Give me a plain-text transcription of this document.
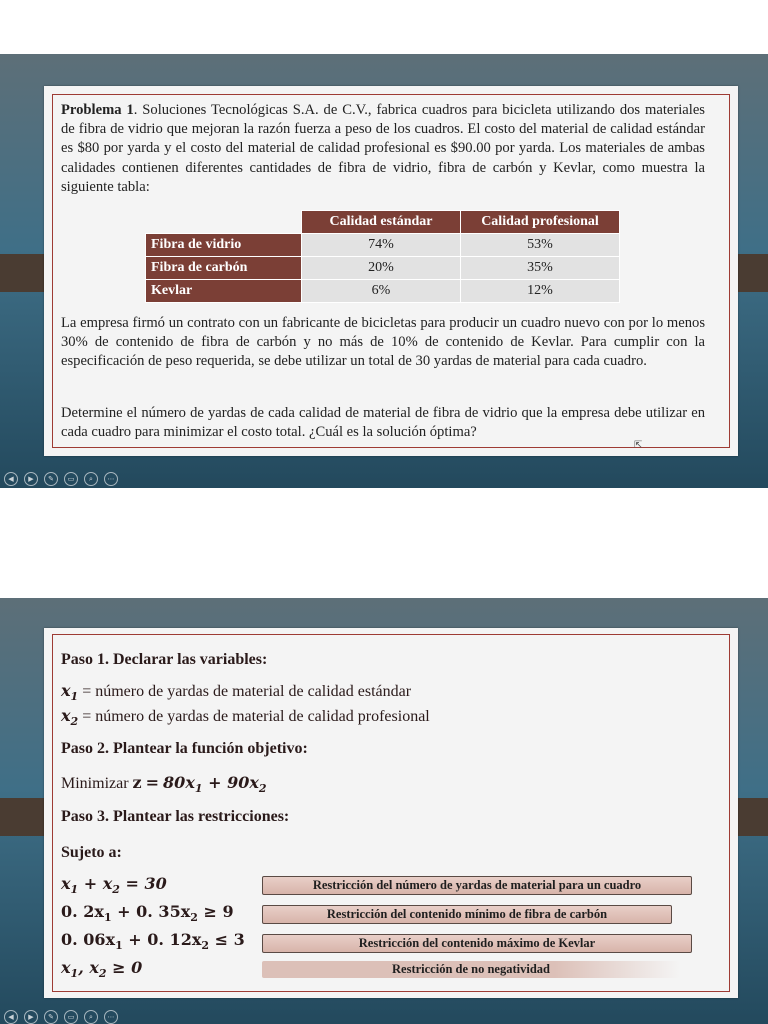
Problema 1. Soluciones Tecnológicas S.A. de C.V., fabrica cuadros para bicicleta utilizando dos materiales de fibra de vidrio que mejoran la razón fuerza a peso de los cuadros. El costo del material de calidad estándar es $80 por yarda y el costo del material de calidad profesional es $90.00 por yarda. Los materiales de ambas calidades contienen diferentes cantidades de fibra de vidrio, fibra de carbón y Kevlar, como muestra la siguiente tabla:

	Calidad estándar	Calidad profesional
Fibra de vidrio	74%	53%
Fibra de carbón	20%	35%
Kevlar	6%	12%

La empresa firmó un contrato con un fabricante de bicicletas para producir un cuadro nuevo con por lo menos 30% de contenido de fibra de carbón y no más de 10% de contenido de Kevlar. Para cumplir con la especificación de peso requerida, se debe utilizar un total de 30 yardas de material para cada cuadro.

Determine el número de yardas de cada calidad de material de fibra de vidrio que la empresa debe utilizar en cada cuadro para minimizar el costo total. ¿Cuál es la solución óptima?

⇱
◀	▶	✎	▭	⌕	⋯
Paso 1. Declarar las variables:
$x_1$ = número de yardas de material de calidad estándar
$x_2$ = número de yardas de material de calidad profesional
Paso 2. Plantear la función objetivo:
Minimizar $z = 80x_1 + 90x_2$
Paso 3. Plantear las restricciones:
Sujeto a:
$x_1 + x_2 = 30$
0. $2x_1 + 0$. $35x_2 \ge 9$
0. $06x_1 + 0$. $12x_2 \le 3$
$x_1$, $x_2 \ge 0$
Restricción del número de yardas de material para un cuadro
Restricción del contenido mínimo de fibra de carbón
Restricción del contenido máximo de Kevlar
Restricción de no negatividad
◀	▶	✎	▭	⌕	⋯
